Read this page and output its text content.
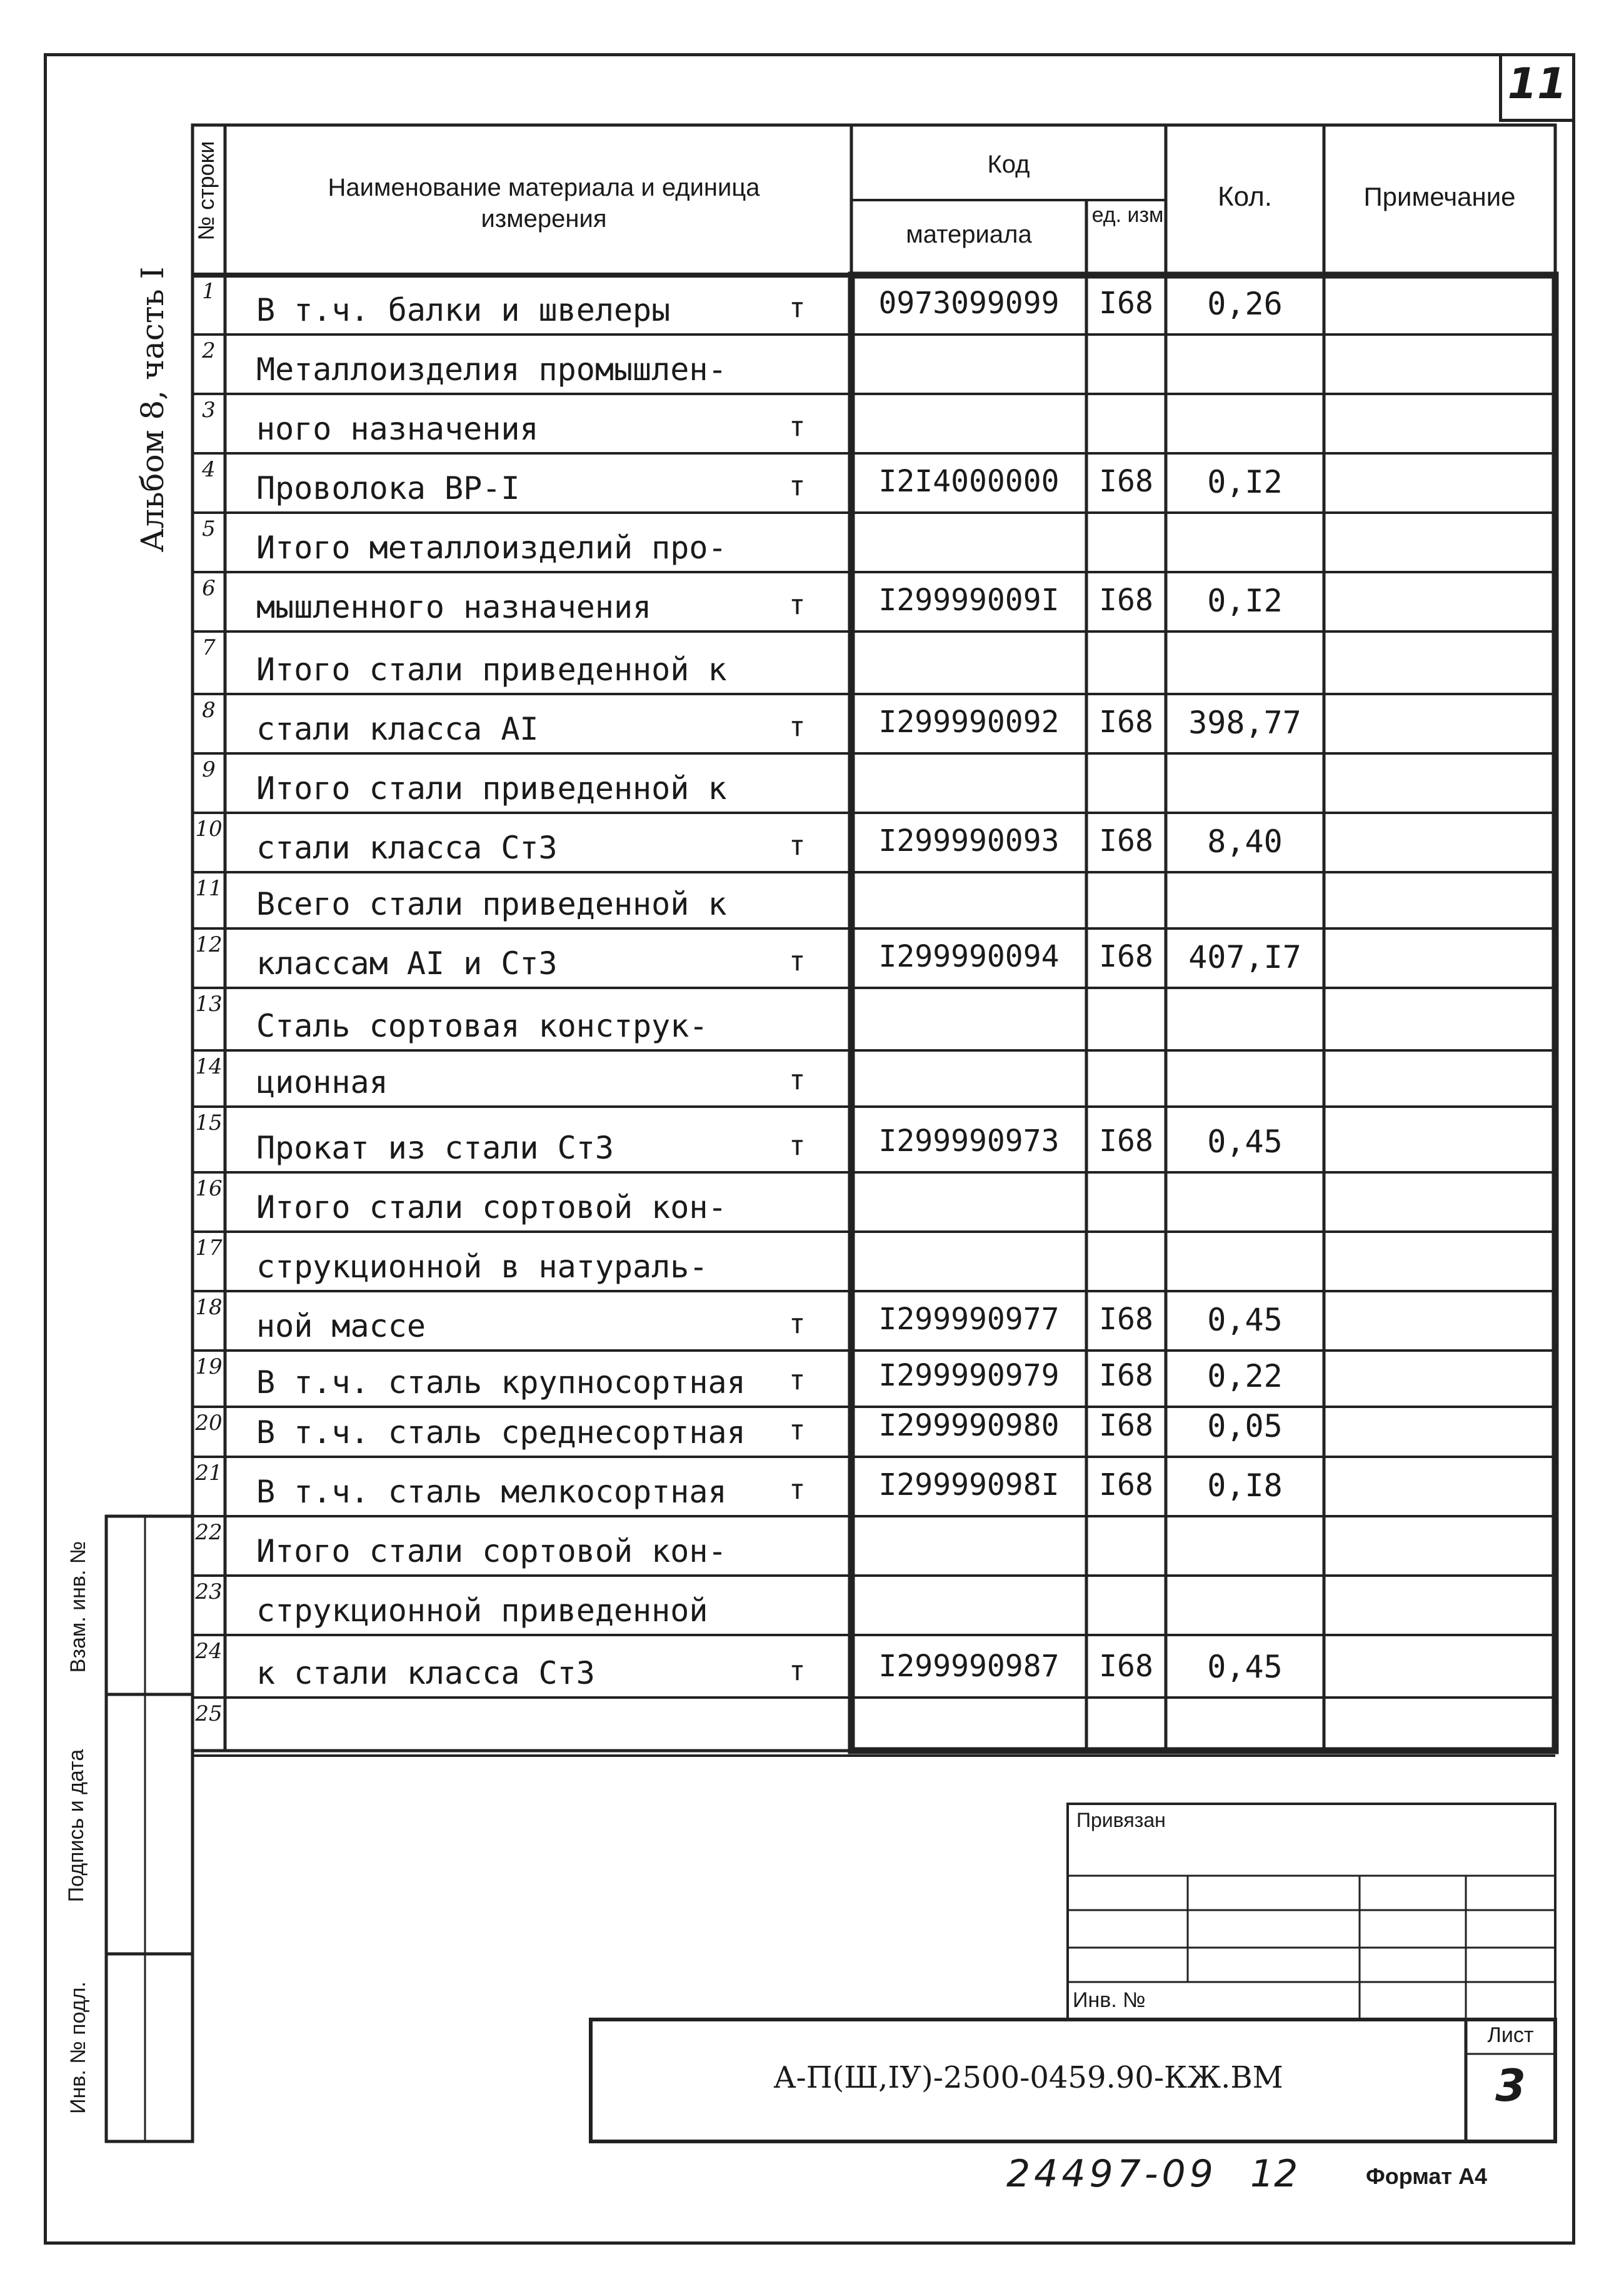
11
Альбом 8, часть I
№ строки	Наименование материала и единица измерения
Код
материала
ед. изм
Кол.	Примечание
1
В т.ч. балки и швелеры	т	0973099099	I68	0,26
2
Металлоизделия промышлен-
3
ного назначения	т
4
Проволока ВР-I	т	I2I4000000	I68	0,I2
5
Итого металлоизделий про-
6
мышленного назначения	т	I29999009I	I68	0,I2
7
Итого стали приведенной к
8
стали класса AI	т	I299990092	I68	398,77
9
Итого стали приведенной к
10
стали класса Ст3	т	I299990093	I68	8,40
11 Всего стали приведенной к
12
классам AI и Ст3	т	I299990094	I68	407,I7
13
Сталь сортовая конструк-
14 ционная	т
15
Прокат из стали Ст3	т	I299990973	I68	0,45
16
Итого стали сортовой кон-
17
струкционной в натураль-
18
ной массе	т	I299990977	I68	0,45
19 В т.ч. сталь крупносортная т	I299990979	I68	0,22
20 В т.ч. сталь среднесортная т	I299990980	I68	0,05
21
В т.ч. сталь мелкосортная т	I29999098I	I68	0,I8
22
Итого стали сортовой кон-
23
струкционной приведенной
24
к стали класса Ст3	т	I299990987	I68	0,45
25
Взам. инв. №
Подпись и дата
Инв. № подл.
Привязан
Инв. №
Лист
3
А-П(Ш,IУ)-2500-0459.90-КЖ.ВМ
24497-09 12	Формат А4
